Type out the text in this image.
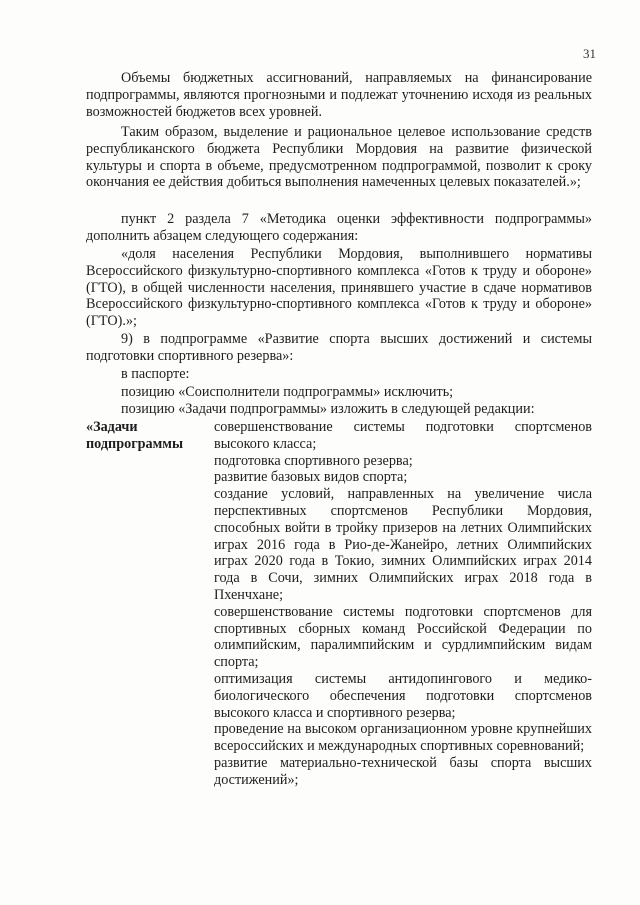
31

Объемы бюджетных ассигнований, направляемых на финансирование подпрограммы, являются прогнозными и подлежат уточнению исходя из реальных возможностей бюджетов всех уровней.

Таким образом, выделение и рациональное целевое использование средств республиканского бюджета Республики Мордовия на развитие физической культуры и спорта в объеме, предусмотренном подпрограммой, позволит к сроку окончания ее действия добиться выполнения намеченных целевых показателей.»;

пункт 2 раздела 7 «Методика оценки эффективности подпрограммы» дополнить абзацем следующего содержания:

«доля населения Республики Мордовия, выполнившего нормативы Всероссийского физкультурно-спортивного комплекса «Готов к труду и обороне» (ГТО), в общей численности населения, принявшего участие в сдаче нормативов Всероссийского физкультурно-спортивного комплекса «Готов к труду и обороне» (ГТО).»;

9) в подпрограмме «Развитие спорта высших достижений и системы подготовки спортивного резерва»:

в паспорте:

позицию «Соисполнители подпрограммы» исключить;

позицию «Задачи подпрограммы» изложить в следующей редакции:

«Задачи подпрограммы

совершенствование системы подготовки спортсменов высокого класса;

подготовка спортивного резерва;

развитие базовых видов спорта;

создание условий, направленных на увеличение числа перспективных спортсменов Республики Мордовия, способных войти в тройку призеров на летних Олимпийских играх 2016 года в Рио-де-Жанейро, летних Олимпийских играх 2020 года в Токио, зимних Олимпийских играх 2014 года в Сочи, зимних Олимпийских играх 2018 года в Пхенчхане;

совершенствование системы подготовки спортсменов для спортивных сборных команд Российской Федерации по олимпийским, паралимпийским и сурдлимпийским видам спорта;

оптимизация системы антидопингового и медико-биологического обеспечения подготовки спортсменов высокого класса и спортивного резерва;

проведение на высоком организационном уровне крупнейших всероссийских и международных спортивных соревнований;

развитие материально-технической базы спорта высших достижений»;
